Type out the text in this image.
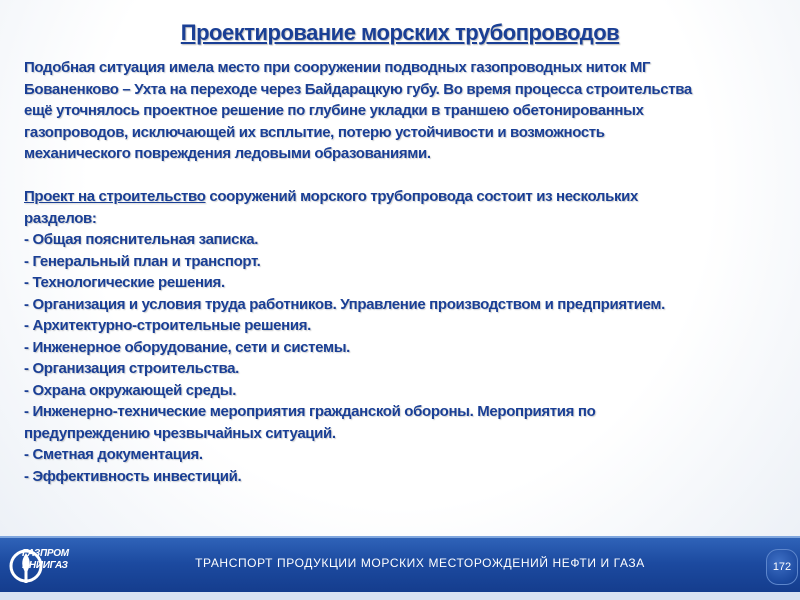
Проектирование морских трубопроводов

Подобная ситуация имела место при сооружении подводных газопроводных ниток МГ
Бованенково – Ухта на переходе через Байдарацкую губу. Во время процесса строительства
ещё уточнялось проектное решение по глубине укладки в траншею обетонированных
газопроводов, исключающей их всплытие, потерю устойчивости и возможность
механического повреждения ледовыми образованиями.

Проект на строительство сооружений морского трубопровода состоит из нескольких
разделов:

- Общая пояснительная записка.
- Генеральный план и транспорт.
- Технологические решения.
- Организация и условия труда работников. Управление производством и предприятием.
- Архитектурно-строительные решения.
- Инженерное оборудование, сети и системы.
- Организация строительства.
- Охрана окружающей среды.
- Инженерно-технические мероприятия гражданской обороны. Мероприятия по
предупреждению чрезвычайных ситуаций.
- Сметная документация.
- Эффективность инвестиций.
ГАЗПРОМ
ВНИИГАЗ	ТРАНСПОРТ ПРОДУКЦИИ МОРСКИХ МЕСТОРОЖДЕНИЙ НЕФТИ И ГАЗА	172
